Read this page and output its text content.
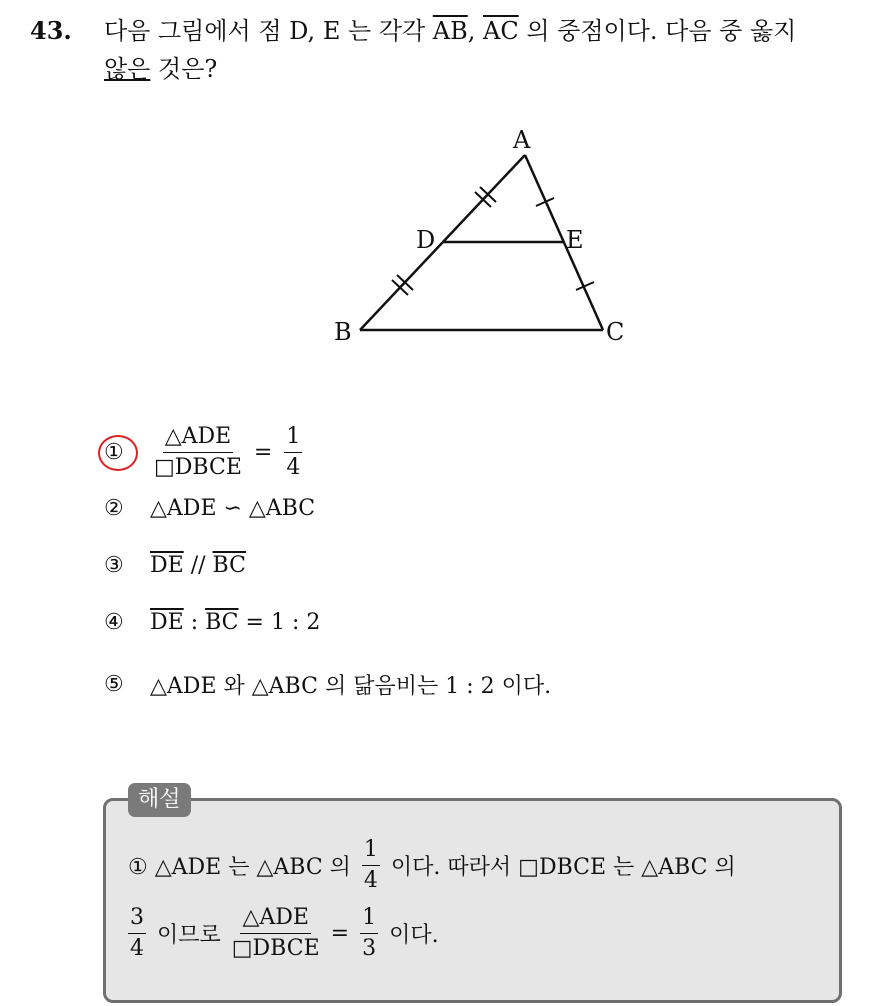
43. 다음 그림에서 점 D, E 는 각각 $\overline{AB}$, $\overline{AC}$ 의 중점이다. 다음 중 옳지
않은 것은?
A
D	E
B	C
①	$\frac{\text{△ADE}}{\text{□DBCE}} = \frac{1}{4}$
②	△ADE ∽ △ABC
③	$\overline{DE} // \overline{BC}$
④	$\overline{DE}$ : $\overline{BC} = 1$ : 2
⑤	△ADE 와 △ABC 의 닮음비는 1 : 2 이다.
해설
① △ADE 는 △ABC 의 $\frac{1}{4}$ 이다. 따라서 □DBCE 는 △ABC 의
$\frac{3}{4}$ 이므로 $\frac{\text{△ADE}}{\text{□DBCE}} = \frac{1}{3}$ 이다.
